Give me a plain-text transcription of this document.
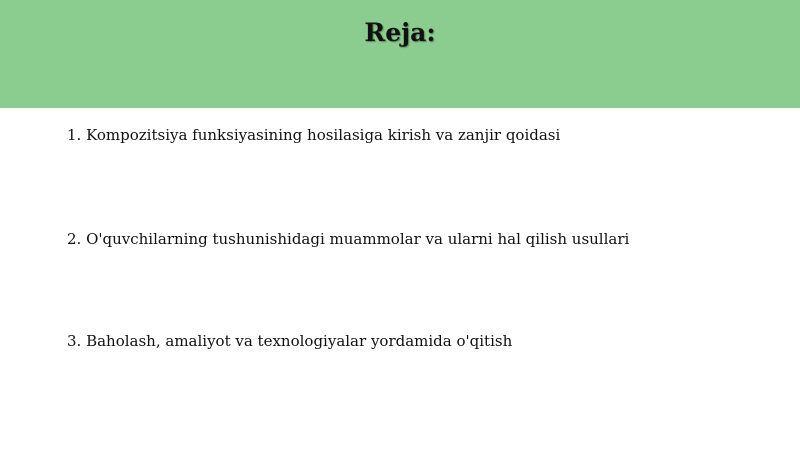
Reja:
1. Kompozitsiya funksiyasining hosilasiga kirish va zanjir qoidasi
2. O'quvchilarning tushunishidagi muammolar va ularni hal qilish usullari
3. Baholash, amaliyot va texnologiyalar yordamida o'qitish
